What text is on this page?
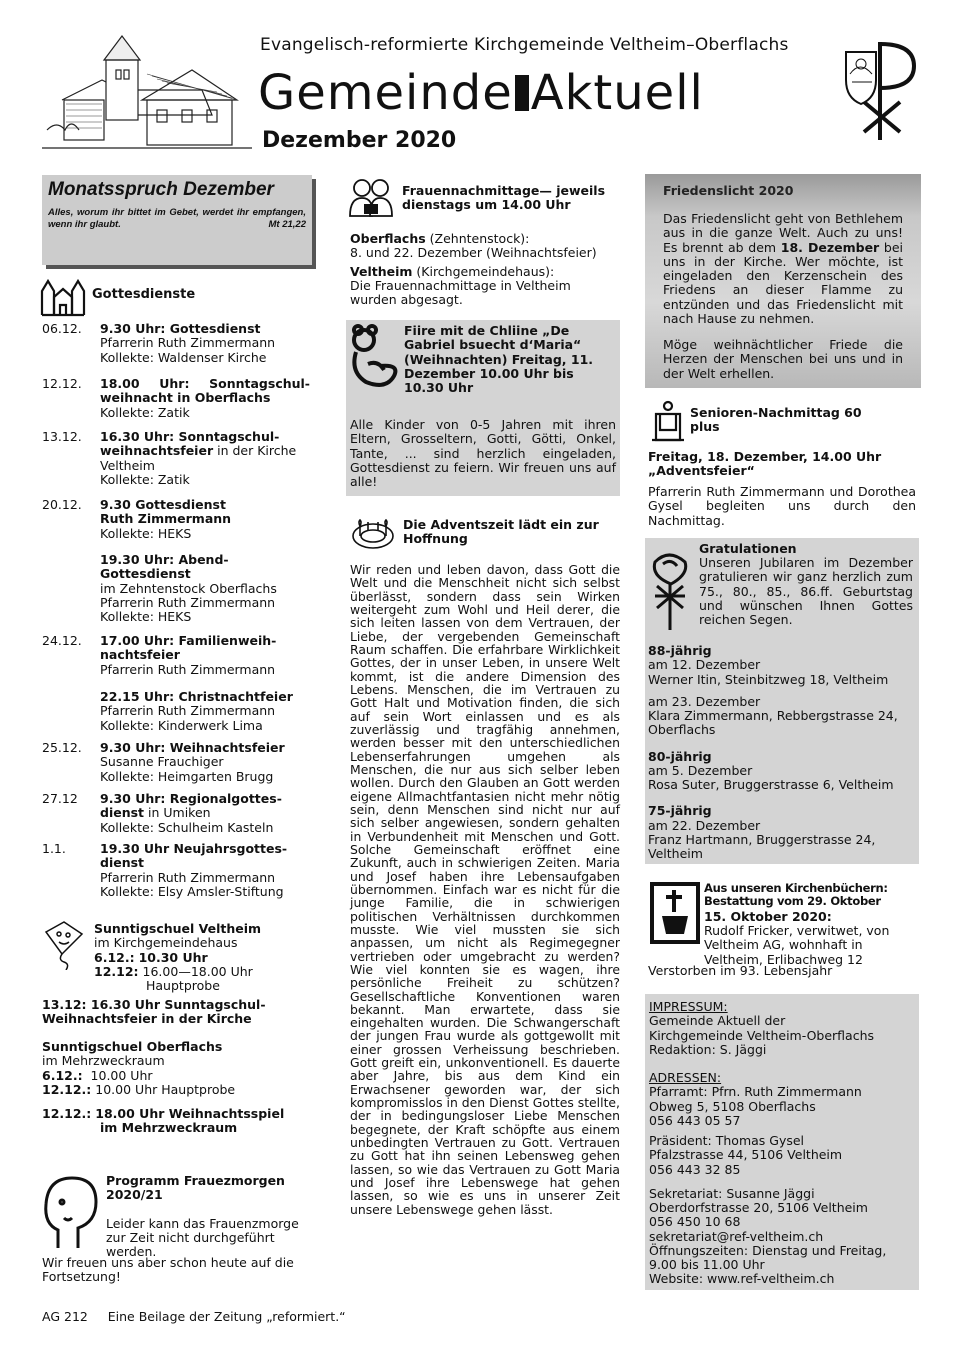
Evangelisch-reformierte Kirchgemeinde Veltheim–Oberflachs
Gemeinde Aktuell
Dezember 2020
Monatsspruch Dezember
Alles, worum ihr bittet im Gebet, werdet ihr empfangen, wenn ihr glaubt.	Mt 21,22
Gottesdienste
06.12.	9.30 Uhr: Gottesdienst
Pfarrerin Ruth Zimmermann
Kollekte: Waldenser Kirche
12.12.	18.00 Uhr: Sonntagschul-weihnacht in Oberflachs
Kollekte: Zatik
13.12.	16.30 Uhr: Sonntagschul-weihnachtsfeier in der Kirche Veltheim
Kollekte: Zatik
20.12.	9.30 Gottesdienst
Ruth Zimmermann
Kollekte: HEKS
19.30 Uhr: Abend-Gottesdienst
im Zehntenstock Oberflachs
Pfarrerin Ruth Zimmermann
Kollekte: HEKS
24.12.	17.00 Uhr: Familienweih-nachtsfeier
Pfarrerin Ruth Zimmermann
22.15 Uhr: Christnachtfeier
Pfarrerin Ruth Zimmermann
Kollekte: Kinderwerk Lima
25.12.	9.30 Uhr: Weihnachtsfeier
Susanne Frauchiger
Kollekte: Heimgarten Brugg
27.12	9.30 Uhr: Regionalgottes-dienst in Umiken
Kollekte: Schulheim Kasteln
1.1.	19.30 Uhr Neujahrsgottes-dienst
Pfarrerin Ruth Zimmermann
Kollekte: Elsy Amsler-Stiftung
Sunntigschuel Veltheim
im Kirchgemeindehaus
6.12.: 10.30 Uhr
12.12: 16.00—18.00 Uhr
Hauptprobe
13.12: 16.30 Uhr Sunntagschul-Weihnachtsfeier in der Kirche
Sunntigschuel Oberflachs
im Mehrzweckraum
6.12.: 10.00 Uhr
12.12.: 10.00 Uhr Hauptprobe
12.12.: 18.00 Uhr Weihnachtsspiel
im Mehrzweckraum
Programm Frauezmorgen 2020/21
Leider kann das Frauenzmorge zur Zeit nicht durchgeführt werden.
Wir freuen uns aber schon heute auf die Fortsetzung!
Frauennachmittage— jeweils dienstags um 14.00 Uhr
Oberflachs (Zehntenstock):
8. und 22. Dezember (Weihnachtsfeier)
Veltheim (Kirchgemeindehaus):
Die Frauennachmittage in Veltheim wurden abgesagt.
Fiire mit de Chliine „De Gabriel bsuecht d‘Maria“ (Weihnachten) Freitag, 11. Dezember 10.00 Uhr bis 10.30 Uhr
Alle Kinder von 0-5 Jahren mit ihren Eltern, Grosseltern, Gotti, Götti, Onkel, Tante, ... sind herzlich eingeladen, Gottesdienst zu feiern. Wir freuen uns auf alle!
Die Adventszeit lädt ein zur Hoffnung
Wir reden und leben davon, dass Gott die Welt und die Menschheit nicht sich selbst überlässt, sondern dass sein Wirken weitergeht zum Wohl und Heil derer, die sich leiten lassen von dem Vertrauen, der Liebe, der vergebenden Gemeinschaft Raum schaffen. Die erfahrbare Wirklichkeit Gottes, der in unser Leben, in unsere Welt kommt, ist die andere Dimension des Lebens. Menschen, die im Vertrauen zu Gott Halt und Motivation finden, die sich auf sein Wort einlassen und es als zuverlässig und tragfähig annehmen, werden besser mit den unterschiedlichen Lebenserfahrungen umgehen als Menschen, die nur aus sich selber leben wollen. Durch den Glauben an Gott werden eigene Allmachtfantasien nicht mehr nötig sein, denn Menschen sind nicht nur auf sich selber angewiesen, sondern gehalten in Verbundenheit mit Menschen und Gott. Solche Gemeinschaft eröffnet eine Zukunft, auch in schwierigen Zeiten. Maria und Josef haben ihre Lebensaufgaben übernommen. Einfach war es nicht für die junge Familie, die in schwierigen politischen Verhältnissen durchkommen musste. Wie viel mussten sie sich anpassen, um nicht als Regimegegner vertrieben oder umgebracht zu werden? Wie viel konnten sie es wagen, ihre persönliche Freiheit zu schützen? Gesellschaftliche Konventionen waren bekannt. Man erwartete, dass sie eingehalten wurden. Die Schwangerschaft der jungen Frau wurde als gottgewollt mit einer grossen Verheissung beschrieben. Gott greift ein, unkonventionell. Es dauerte aber Jahre, bis aus dem Kind ein Erwachsener geworden war, der sich kompromisslos in den Dienst Gottes stellte, der in bedingungsloser Liebe Menschen begegnete, der Kraft schöpfte aus einem unbedingten Vertrauen zu Gott. Vertrauen zu Gott hat ihn seinen Lebensweg gehen lassen, so wie das Vertrauen zu Gott Maria und Josef ihre Lebenswege hat gehen lassen, so wie es uns in unserer Zeit unsere Lebenswege gehen lässt.
Friedenslicht 2020
Das Friedenslicht geht von Bethlehem aus in die ganze Welt. Auch zu uns! Es brennt ab dem 18. Dezember bei uns in der Kirche. Wer möchte, ist eingeladen den Kerzenschein des Friedens an dieser Flamme zu entzünden und das Friedenslicht mit nach Hause zu nehmen.
Möge weihnächtlicher Friede die Herzen der Menschen bei uns und in der Welt erhellen.
Senioren-Nachmittag 60 plus
Freitag, 18. Dezember, 14.00 Uhr
„Adventsfeier“
Pfarrerin Ruth Zimmermann und Dorothea Gysel begleiten uns durch den Nachmittag.
Gratulationen
Unseren Jubilaren im Dezember gratulieren wir ganz herzlich zum 75., 80., 85., 86.ff. Geburtstag und wünschen Ihnen Gottes reichen Segen.
88-jährig
am 12. Dezember
Werner Itin, Steinbitzweg 18, Veltheim
am 23. Dezember
Klara Zimmermann, Rebbergstrasse 24, Oberflachs
80-jährig
am 5. Dezember
Rosa Suter, Bruggerstrasse 6, Veltheim
75-jährig
am 22. Dezember
Franz Hartmann, Bruggerstrasse 24, Veltheim
Aus unseren Kirchenbüchern: Bestattung vom 29. Oktober
15. Oktober 2020:
Rudolf Fricker, verwitwet, von Veltheim AG, wohnhaft in Veltheim, Erlibachweg 12
Verstorben im 93. Lebensjahr
IMPRESSUM:
Gemeinde Aktuell der
Kirchgemeinde Veltheim-Oberflachs
Redaktion: S. Jäggi
ADRESSEN:
Pfarramt: Pfrn. Ruth Zimmermann
Obweg 5, 5108 Oberflachs
056 443 05 57
Präsident: Thomas Gysel
Pfalzstrasse 44, 5106 Veltheim
056 443 32 85
Sekretariat: Susanne Jäggi
Oberdorfstrasse 20, 5106 Veltheim
056 450 10 68
sekretariat@ref-veltheim.ch
Öffnungszeiten: Dienstag und Freitag,
9.00 bis 11.00 Uhr
Website: www.ref-veltheim.ch
AG 212 Eine Beilage der Zeitung „reformiert.“
